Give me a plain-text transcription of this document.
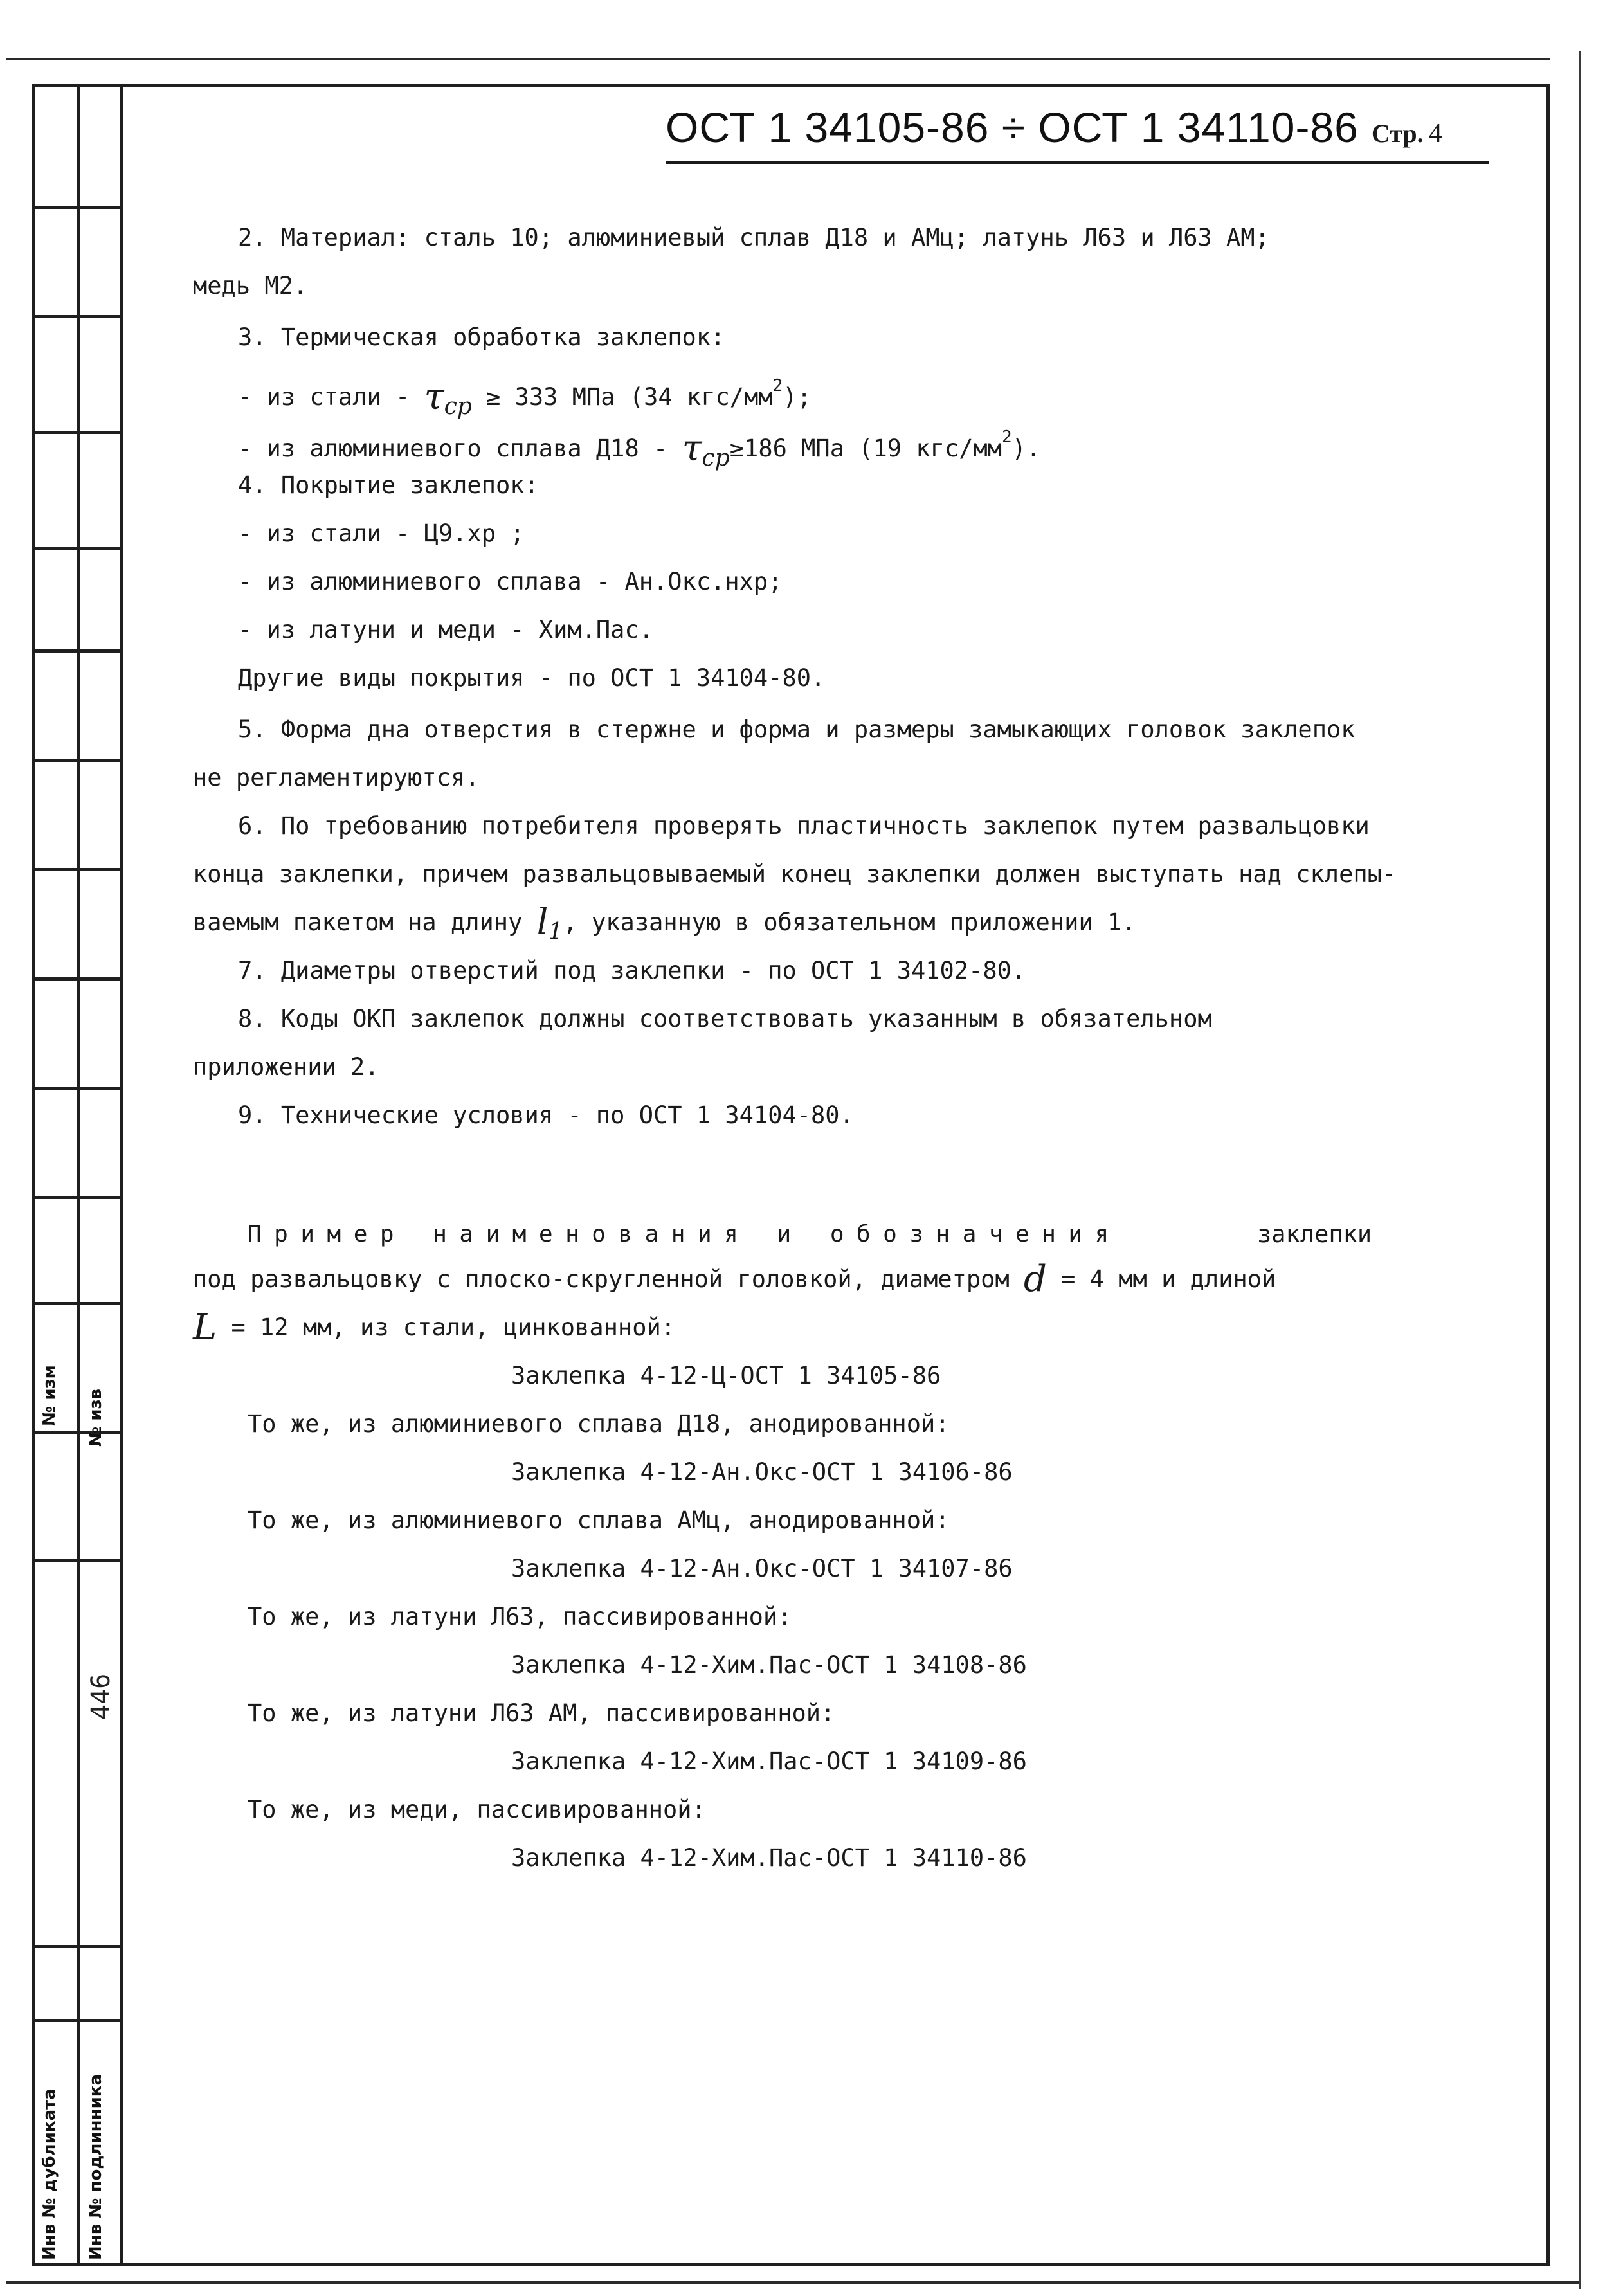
№ изм № изв
446
Инв № дубликата Инв № подлинника
ОСТ 1 34105-86 ÷ ОСТ 1 34110-86 Стр. 4
2. Материал: сталь 10; алюминиевый сплав Д18 и АМц; латунь Л63 и Л63 АМ;
медь М2.
3. Термическая обработка заклепок:
- из стали - τср ≥ 333 МПа (34 кгс/$мм^2$);
- из алюминиевого сплава Д18 - τср≥186 МПа (19 кгс/$мм^2$).
4. Покрытие заклепок:
- из стали - Ц9.хр ;
- из алюминиевого сплава - Ан.Окс.нхр;
- из латуни и меди - Хим.Пас.
Другие виды покрытия - по ОСТ 1 34104-80.
5. Форма дна отверстия в стержне и форма и размеры замыкающих головок заклепок
не регламентируются.
6. По требованию потребителя проверять пластичность заклепок путем развальцовки
конца заклепки, причем развальцовываемый конец заклепки должен выступать над склепы-
ваемым пакетом на длину l1, указанную в обязательном приложении 1.
7. Диаметры отверстий под заклепки - по ОСТ 1 34102-80.
8. Коды ОКП заклепок должны соответствовать указанным в обязательном
приложении 2.
9. Технические условия - по ОСТ 1 34104-80.
Пример наименования и обозначения	заклепки
под развальцовку с плоско-скругленной головкой, диаметром d = 4 мм и длиной
L = 12 мм, из стали, цинкованной:
Заклепка 4-12-Ц-ОСТ 1 34105-86
То же, из алюминиевого сплава Д18, анодированной:
Заклепка 4-12-Ан.Окс-ОСТ 1 34106-86
То же, из алюминиевого сплава АМц, анодированной:
Заклепка 4-12-Ан.Окс-ОСТ 1 34107-86
То же, из латуни Л63, пассивированной:
Заклепка 4-12-Хим.Пас-ОСТ 1 34108-86
То же, из латуни Л63 АМ, пассивированной:
Заклепка 4-12-Хим.Пас-ОСТ 1 34109-86
То же, из меди, пассивированной:
Заклепка 4-12-Хим.Пас-ОСТ 1 34110-86
